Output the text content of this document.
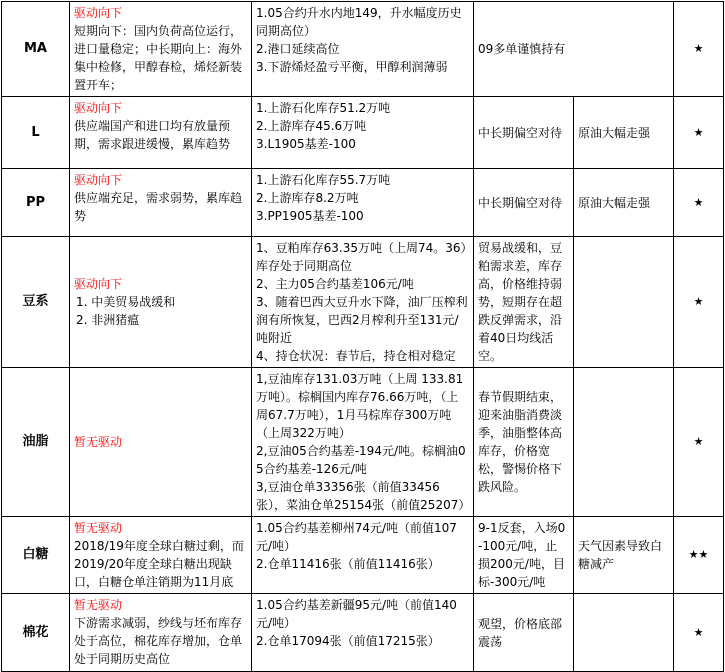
MA	驱动向下
短期向下：国内负荷高位运行，进口量稳定；中长期向上：海外集中检修，甲醇春检，烯烃新装置开车；	1.05合约升水内地149，升水幅度历史同期高位）
2.港口延续高位
3.下游烯烃盈亏平衡，甲醇利润薄弱	09多单谨慎持有		★
L	驱动向下
供应端国产和进口均有放量预期，需求跟进缓慢，累库趋势	1.上游石化库存51.2万吨
2.上游库存45.6万吨
3.L1905基差-100	中长期偏空对待	原油大幅走强	★
PP	驱动向下
供应端充足，需求弱势，累库趋势	1.上游石化库存55.7万吨
2.上游库存8.2万吨
3.PP1905基差-100	中长期偏空对待	原油大幅走强	★
豆系	驱动向下
1. 中美贸易战缓和
2. 非洲猪瘟	1、豆粕库存63.35万吨（上周74。36）库存处于同期高位
2、主力05合约基差106元/吨
3、随着巴西大豆升水下降，油厂压榨利润有所恢复，巴西2月榨利升至131元/吨附近
4、持仓状况：春节后，持仓相对稳定	贸易战缓和，豆粕需求差，库存高，价格维持弱势，短期存在超跌反弹需求，沿着40日均线活空。		★
油脂	暂无驱动	1,豆油库存131.03万吨（上周 133.81万吨）。棕榈国内库存76.66万吨，（上周67.7万吨），1月马棕库存300万吨（上周322万吨）
2,豆油05合约基差-194元/吨。棕榈油05合约基差-126元/吨
3,豆油仓单33356张（前值33456张），菜油仓单25154张（前值25207）	春节假期结束，迎来油脂消费淡季，油脂整体高库存，价格宽松，警惕价格下跌风险。		★
白糖	暂无驱动
2018/19年度全球白糖过剩，而2019/20年度全球白糖出现缺口，白糖仓单注销期为11月底	1.05合约基差柳州74元/吨（前值107元/吨）
2.仓单11416张（前值11416张）	9-1反套，入场0-100元/吨，止损200元/吨，目标-300元/吨	天气因素导致白糖减产	★★
棉花	暂无驱动
下游需求减弱，纱线与坯布库存处于高位，棉花库存增加，仓单处于同期历史高位	1.05合约基差新疆95元/吨（前值140元/吨）
2.仓单17094张（前值17215张）	观望，价格底部震荡		★
